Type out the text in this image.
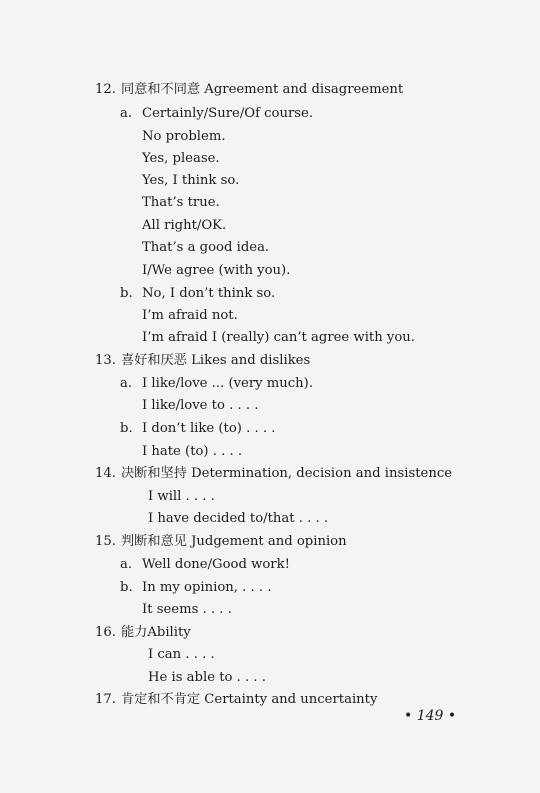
12. 同意和不同意 Agreement and disagreement
a. Certainly/Sure/Of course.
No problem.
Yes, please.
Yes, I think so.
That’s true.
All right/OK.
That’s a good idea.
I/We agree (with you).
b. No, I don’t think so.
I’m afraid not.
I’m afraid I (really) can’t agree with you.
13. 喜好和厌恶 Likes and dislikes
a. I like/love ... (very much).
I like/love to . . . .
b. I don’t like (to) . . . .
I hate (to) . . . .
14. 决断和坚持 Determination, decision and insistence
I will . . . .
I have decided to/that . . . .
15. 判断和意见 Judgement and opinion
a. Well done/Good work!
b. In my opinion, . . . .
It seems . . . .
16. 能力Ability
I can . . . .
He is able to . . . .
17. 肯定和不肯定 Certainty and uncertainty
• 149 •
